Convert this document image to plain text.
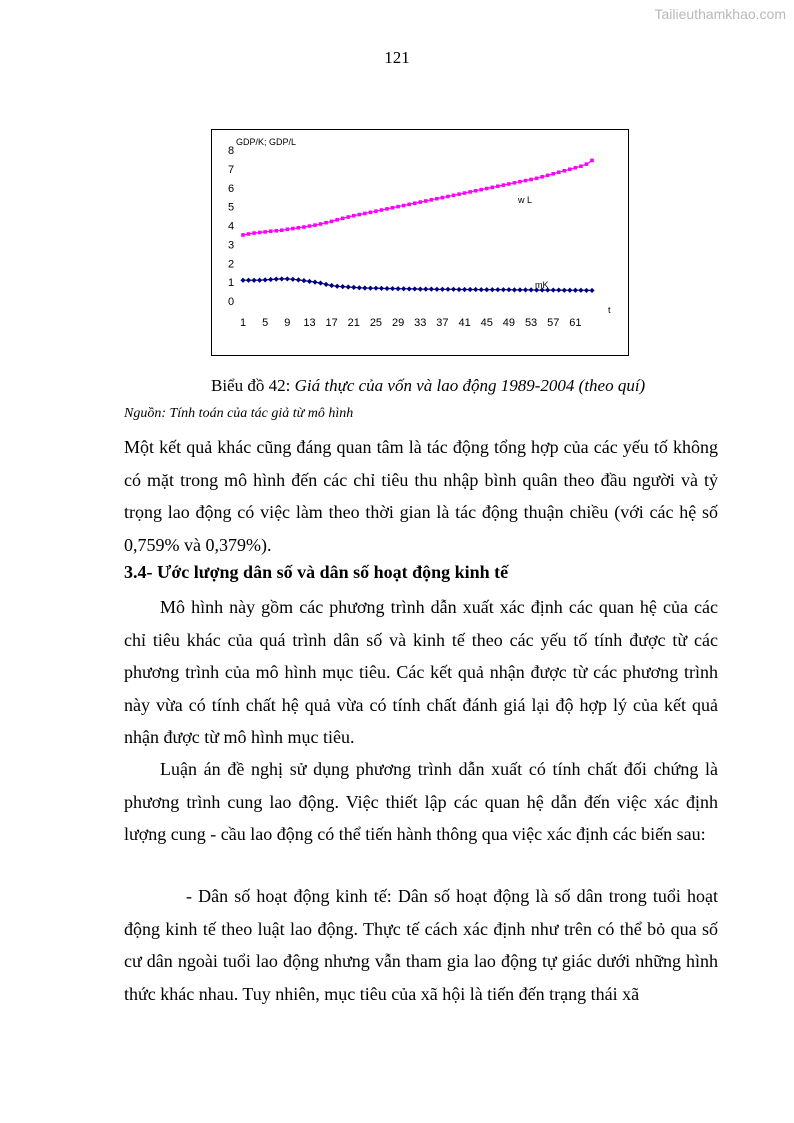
Tailieuthamkhao.com
121
GDP/K; GDP/L
0
1
2
3
4
5
6
7
8
1 5 9 13 17 21 25 29 33 37 41 45 49 53 57 61
t
w L
mK
Biểu đồ 42: Giá thực của vốn và lao động 1989-2004 (theo quí)
Nguồn: Tính toán của tác giả từ mô hình
Một kết quả khác cũng đáng quan tâm là tác động tổng hợp của các yếu tố không có mặt trong mô hình đến các chỉ tiêu thu nhập bình quân theo đầu người và tỷ trọng lao động có việc làm theo thời gian là tác động thuận chiều (với các hệ số 0,759% và 0,379%).
3.4- Ước lượng dân số và dân số hoạt động kinh tế
Mô hình này gồm các phương trình dẫn xuất xác định các quan hệ của các chỉ tiêu khác của quá trình dân số và kinh tế theo các yếu tố tính được từ các phương trình của mô hình mục tiêu. Các kết quả nhận được từ các phương trình này vừa có tính chất hệ quả vừa có tính chất đánh giá lại độ hợp lý của kết quả nhận được từ mô hình mục tiêu.
Luận án đề nghị sử dụng phương trình dẫn xuất có tính chất đối chứng là phương trình cung lao động. Việc thiết lập các quan hệ dẫn đến việc xác định lượng cung - cầu lao động có thể tiến hành thông qua việc xác định các biến sau:
- Dân số hoạt động kinh tế: Dân số hoạt động là số dân trong tuổi hoạt động kinh tế theo luật lao động. Thực tế cách xác định như trên có thể bỏ qua số cư dân ngoài tuổi lao động nhưng vẫn tham gia lao động tự giác dưới những hình thức khác nhau. Tuy nhiên, mục tiêu của xã hội là tiến đến trạng thái xã
